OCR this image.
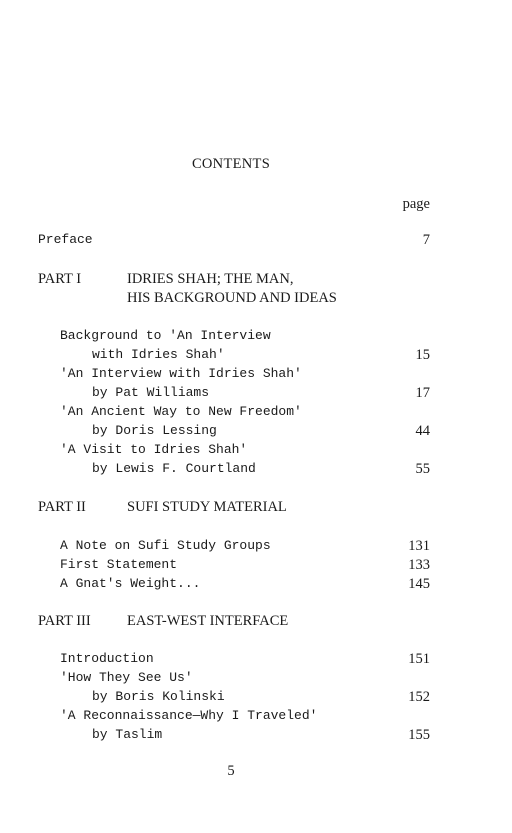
CONTENTS
page
Preface	7
PART I	IDRIES SHAH; THE MAN,
HIS BACKGROUND AND IDEAS
Background to 'An Interview
with Idries Shah'	15
'An Interview with Idries Shah'
by Pat Williams	17
'An Ancient Way to New Freedom'
by Doris Lessing	44
'A Visit to Idries Shah'
by Lewis F. Courtland	55
PART II	SUFI STUDY MATERIAL
A Note on Sufi Study Groups	131
First Statement	133
A Gnat's Weight...	145
PART III	EAST-WEST INTERFACE
Introduction	151
'How They See Us'
by Boris Kolinski	152
'A Reconnaissance—Why I Traveled'
by Taslim	155
5
